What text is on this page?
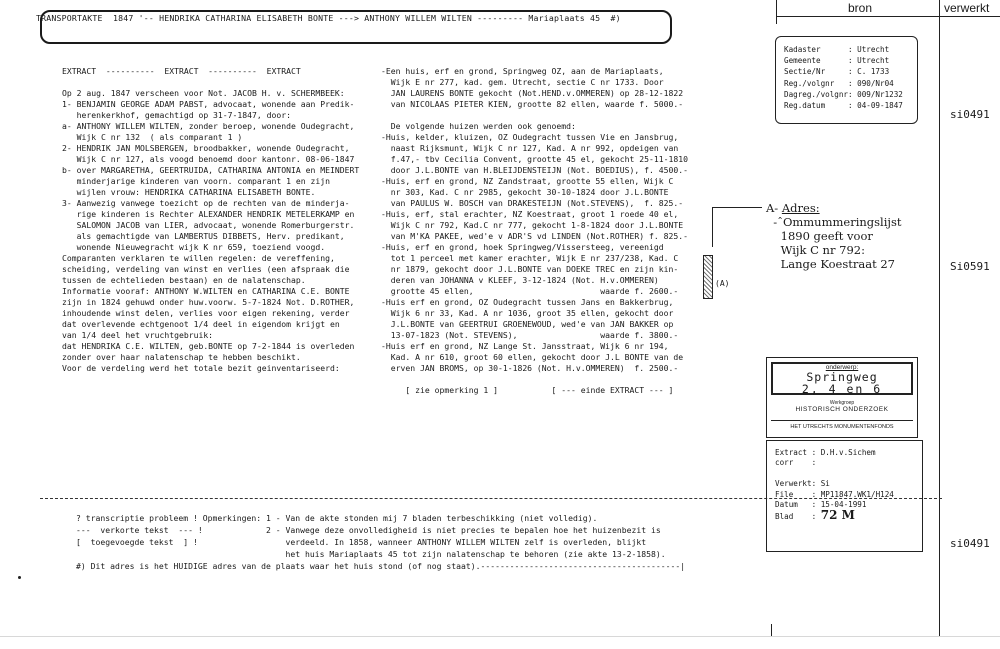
TRANSPORTAKTE  1847 '-- HENDRIKA CATHARINA ELISABETH BONTE ---> ANTHONY WILLEM WILTEN --------- Mariaplaats 45  #)
bron	verwerkt
EXTRACT  ----------  EXTRACT  ----------  EXTRACT

Op 2 aug. 1847 verscheen voor Not. JACOB H. v. SCHERMBEEK:
1- BENJAMIN GEORGE ADAM PABST, advocaat, wonende aan Predik-
herenkerkhof, gemachtigd op 31-7-1847, door:
a- ANTHONY WILLEM WILTEN, zonder beroep, wonende Oudegracht,
Wijk C nr 132  ( als comparant 1 )
2- HENDRIK JAN MOLSBERGEN, broodbakker, wonende Oudegracht,
Wijk C nr 127, als voogd benoemd door kantonr. 08-06-1847
b- over MARGARETHA, GEERTRUIDA, CATHARINA ANTONIA en MEINDERT
minderjarige kinderen van voorn. comparant 1 en zijn
wijlen vrouw: HENDRIKA CATHARINA ELISABETH BONTE.
3- Aanwezig vanwege toezicht op de rechten van de minderja-
rige kinderen is Rechter ALEXANDER HENDRIK METELERKAMP en
SALOMON JACOB van LIER, advocaat, wonende Romerburgerstr.
als gemachtigde van LAMBERTUS DIBBETS, Herv. predikant,
wonende Nieuwegracht wijk K nr 659, toeziend voogd.
Comparanten verklaren te willen regelen: de vereffening,
scheiding, verdeling van winst en verlies (een afspraak die
tussen de echtelieden bestaan) en de nalatenschap.
Informatie vooraf: ANTHONY W.WILTEN en CATHARINA C.E. BONTE
zijn in 1824 gehuwd onder huw.voorw. 5-7-1824 Not. D.ROTHER,
inhoudende winst delen, verlies voor eigen rekening, verder
dat overlevende echtgenoot 1/4 deel in eigendom krijgt en
van 1/4 deel het vruchtgebruik:
dat HENDRIKA C.E. WILTEN, geb.BONTE op 7-2-1844 is overleden
zonder over haar nalatenschap te hebben beschikt.
Voor de verdeling werd het totale bezit geinventariseerd:
-Een huis, erf en grond, Springweg OZ, aan de Mariaplaats,
Wijk E nr 277, kad. gem. Utrecht, sectie C nr 1733. Door
JAN LAURENS BONTE gekocht (Not.HEND.v.OMMEREN) op 28-12-1822
van NICOLAAS PIETER KIEN, grootte 82 ellen, waarde f. 5000.-

De volgende huizen werden ook genoemd:
-Huis, kelder, kluizen, OZ Oudegracht tussen Vie en Jansbrug,
naast Rijksmunt, Wijk C nr 127, Kad. A nr 992, opdeigen van
f.47,- tbv Cecilia Convent, grootte 45 el, gekocht 25-11-1810
door J.L.BONTE van H.BLEIJDENSTEIJN (Not. BOEDIUS), f. 4500.-
-Huis, erf en grond, NZ Zandstraat, grootte 55 ellen, Wijk C
nr 303, Kad. C nr 2985, gekocht 30-10-1824 door J.L.BONTE
van PAULUS W. BOSCH van DRAKESTEIJN (Not.STEVENS),  f. 825.-
-Huis, erf, stal erachter, NZ Koestraat, groot 1 roede 40 el,
Wijk C nr 792, Kad.C nr 777, gekocht 1-8-1824 door J.L.BONTE
van M'KA PAKEE, wed'e v ADR'S vd LINDEN (Not.ROTHER) f. 825.-
-Huis, erf en grond, hoek Springweg/Vissersteeg, vereenigd
tot 1 perceel met kamer erachter, Wijk E nr 237/238, Kad. C
nr 1879, gekocht door J.L.BONTE van DOEKE TREC en zijn kin-
deren van JOHANNA v KLEEF, 3-12-1824 (Not. H.v.OMMEREN)
grootte 45 ellen,                          waarde f. 2600.-
-Huis erf en grond, OZ Oudegracht tussen Jans en Bakkerbrug,
Wijk 6 nr 33, Kad. A nr 1036, groot 35 ellen, gekocht door
J.L.BONTE van GEERTRUI GROENEWOUD, wed'e van JAN BAKKER op
13-07-1823 (Not. STEVENS),                 waarde f. 3800.-
-Huis erf en grond, NZ Lange St. Jansstraat, Wijk 6 nr 194,
Kad. A nr 610, groot 60 ellen, gekocht door J.L BONTE van de
erven JAN BROMS, op 30-1-1826 (Not. H.v.OMMEREN)  f. 2500.-

[ zie opmerking 1 ]           [ --- einde EXTRACT --- ]
? transcriptie probleem ! Opmerkingen: 1 - Van de akte stonden mij 7 bladen terbeschikking (niet volledig).
---  verkorte tekst  --- !             2 - Vanwege deze onvolledigheid is niet precies te bepalen hoe het huizenbezit is
[  toegevoegde tekst  ] !                  verdeeld. In 1858, wanneer ANTHONY WILLEM WILTEN zelf is overleden, blijkt
het huis Mariaplaats 45 tot zijn nalatenschap te behoren (zie akte 13-2-1858).
#) Dit adres is het HUIDIGE adres van de plaats waar het huis stond (of nog staat).-----------------------------------------|
Kadaster      : Utrecht
Gemeente      : Utrecht
Sectie/Nr     : C. 1733
Reg./volgnr   : 090/Nr04
Dagreg./volgnr: 009/Nr1232
Reg.datum     : 04-09-1847
si0491
Si0591
si0491
(A)
A- Adres:
-ˆOmmummeringslijst
1890 geeft voor
Wijk C nr 792:
Lange Koestraat 27
onderwerp:
Springweg
2, 4 en 6
Werkgroep
HISTORISCH ONDERZOEK
HET UTRECHTS MONUMENTENFONDS
Extract : D.H.v.Sichem
corr    :

Verwerkt: Si
File    : MP11847.WK1/H124
Datum   : 15-04-1991
Blad    : 72 M
